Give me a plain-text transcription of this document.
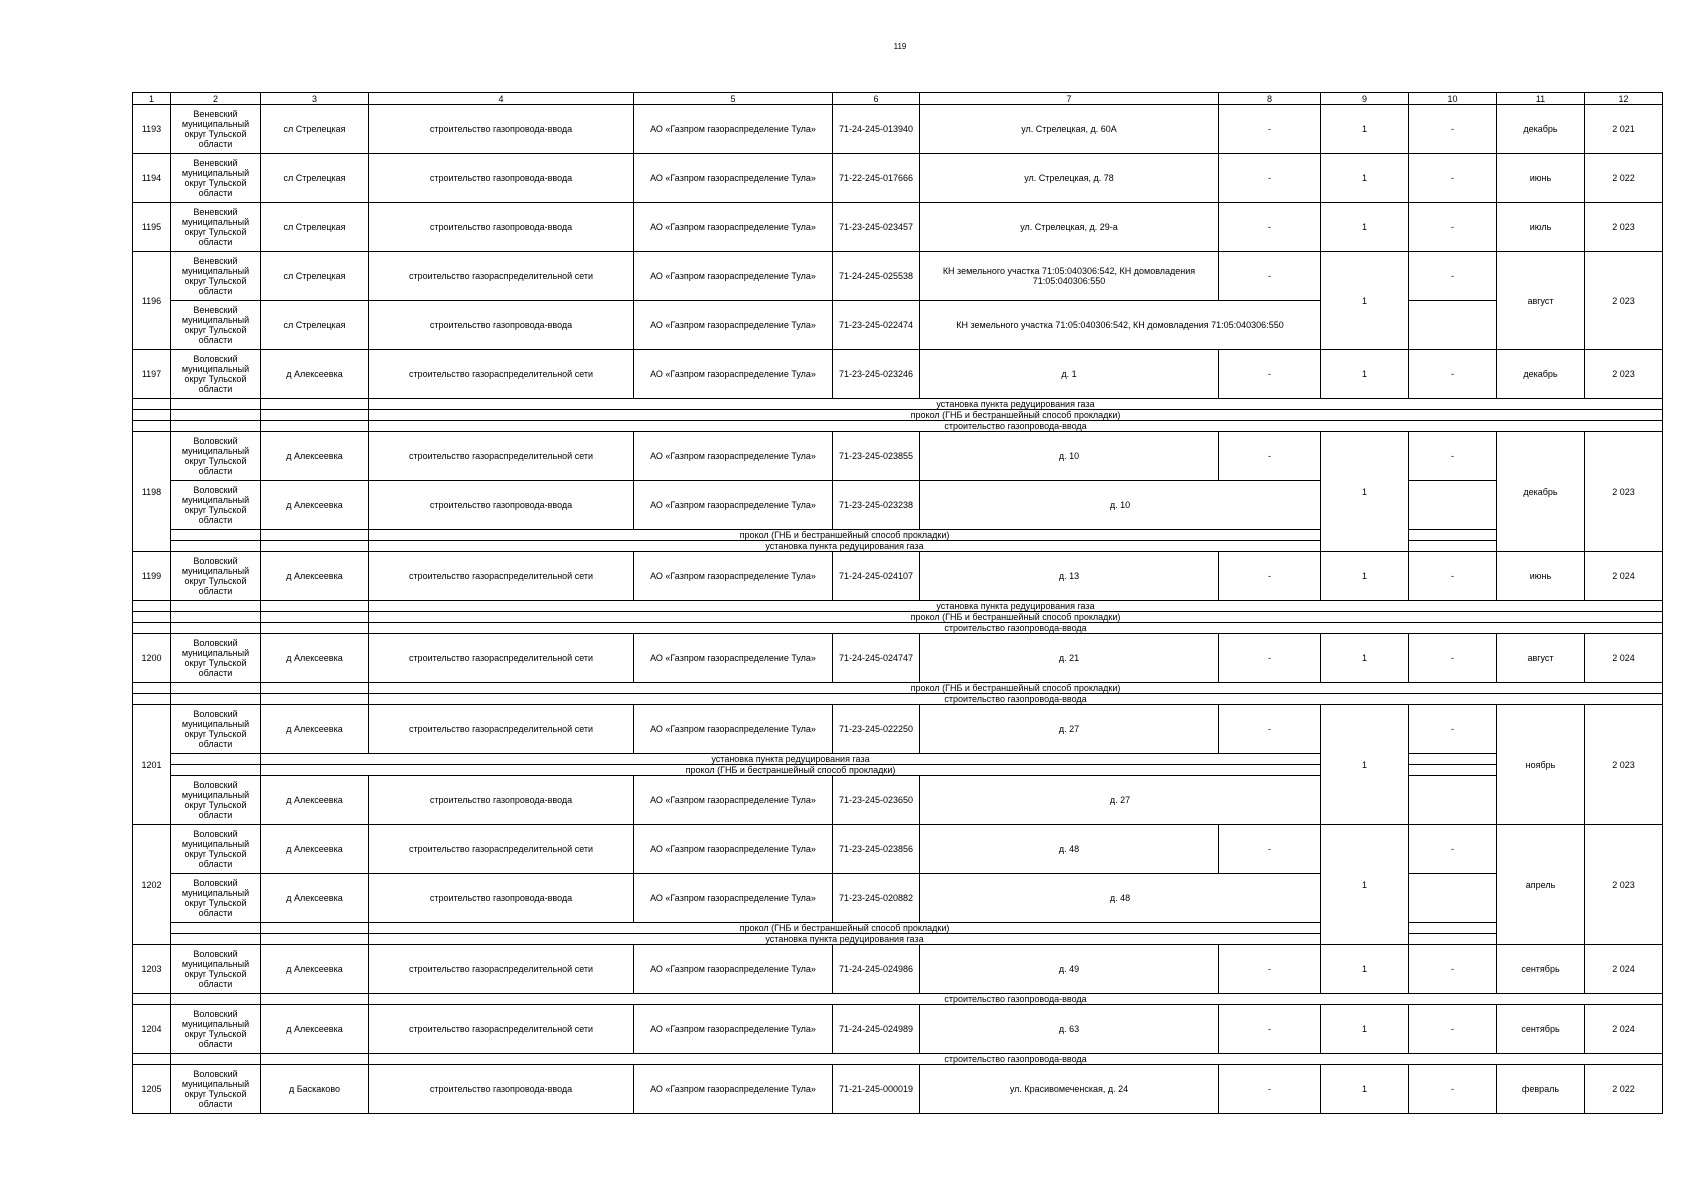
119
1	2	3	4	5	6	7	8	9	10	11	12
1193	Веневский муниципальный округ Тульской области	сл Стрелецкая	строительство газопровода-ввода	АО «Газпром газораспределение Тула»	71-24-245-013940	ул. Стрелецкая, д. 60А	-	1	-	декабрь	2 021
1194	Веневский муниципальный округ Тульской области	сл Стрелецкая	строительство газопровода-ввода	АО «Газпром газораспределение Тула»	71-22-245-017666	ул. Стрелецкая, д. 78	-	1	-	июнь	2 022
1195	Веневский муниципальный округ Тульской области	сл Стрелецкая	строительство газопровода-ввода	АО «Газпром газораспределение Тула»	71-23-245-023457	ул. Стрелецкая, д. 29-а	-	1	-	июль	2 023
1196	Веневский муниципальный округ Тульской области	сл Стрелецкая	строительство газораспределительной сети	АО «Газпром газораспределение Тула»	71-24-245-025538	КН земельного участка 71:05:040306:542, КН домовладения 71:05:040306:550	-	1	-	август	2 023
	Веневский муниципальный округ Тульской области	сл Стрелецкая	строительство газопровода-ввода	АО «Газпром газораспределение Тула»	71-23-245-022474	КН земельного участка 71:05:040306:542, КН домовладения 71:05:040306:550					
1197	Воловский муниципальный округ Тульской области	д Алексеевка	строительство газораспределительной сети	АО «Газпром газораспределение Тула»	71-23-245-023246	д. 1	-	1	-	декабрь	2 023
			установка пункта редуцирования газа								
			прокол (ГНБ и бестраншейный способ прокладки)								
			строительство газопровода-ввода								
1198	Воловский муниципальный округ Тульской области	д Алексеевка	строительство газораспределительной сети	АО «Газпром газораспределение Тула»	71-23-245-023855	д. 10	-	1	-	декабрь	2 023
	Воловский муниципальный округ Тульской области	д Алексеевка	строительство газопровода-ввода	АО «Газпром газораспределение Тула»	71-23-245-023238	д. 10					
			прокол (ГНБ и бестраншейный способ прокладки)								
			установка пункта редуцирования газа								
1199	Воловский муниципальный округ Тульской области	д Алексеевка	строительство газораспределительной сети	АО «Газпром газораспределение Тула»	71-24-245-024107	д. 13	-	1	-	июнь	2 024
			установка пункта редуцирования газа								
			прокол (ГНБ и бестраншейный способ прокладки)								
			строительство газопровода-ввода								
1200	Воловский муниципальный округ Тульской области	д Алексеевка	строительство газораспределительной сети	АО «Газпром газораспределение Тула»	71-24-245-024747	д. 21	-	1	-	август	2 024
			прокол (ГНБ и бестраншейный способ прокладки)								
			строительство газопровода-ввода								
1201	Воловский муниципальный округ Тульской области	д Алексеевка	строительство газораспределительной сети	АО «Газпром газораспределение Тула»	71-23-245-022250	д. 27	-	1	-	ноябрь	2 023
		установка пункта редуцирования газа									
		прокол (ГНБ и бестраншейный способ прокладки)									
	Воловский муниципальный округ Тульской области	д Алексеевка	строительство газопровода-ввода	АО «Газпром газораспределение Тула»	71-23-245-023650	д. 27					
1202	Воловский муниципальный округ Тульской области	д Алексеевка	строительство газораспределительной сети	АО «Газпром газораспределение Тула»	71-23-245-023856	д. 48	-	1	-	апрель	2 023
	Воловский муниципальный округ Тульской области	д Алексеевка	строительство газопровода-ввода	АО «Газпром газораспределение Тула»	71-23-245-020882	д. 48					
			прокол (ГНБ и бестраншейный способ прокладки)								
			установка пункта редуцирования газа								
1203	Воловский муниципальный округ Тульской области	д Алексеевка	строительство газораспределительной сети	АО «Газпром газораспределение Тула»	71-24-245-024986	д. 49	-	1	-	сентябрь	2 024
			строительство газопровода-ввода								
1204	Воловский муниципальный округ Тульской области	д Алексеевка	строительство газораспределительной сети	АО «Газпром газораспределение Тула»	71-24-245-024989	д. 63	-	1	-	сентябрь	2 024
			строительство газопровода-ввода								
1205	Воловский муниципальный округ Тульской области	д Баскаково	строительство газопровода-ввода	АО «Газпром газораспределение Тула»	71-21-245-000019	ул. Красивомеченская, д. 24	-	1	-	февраль	2 022
